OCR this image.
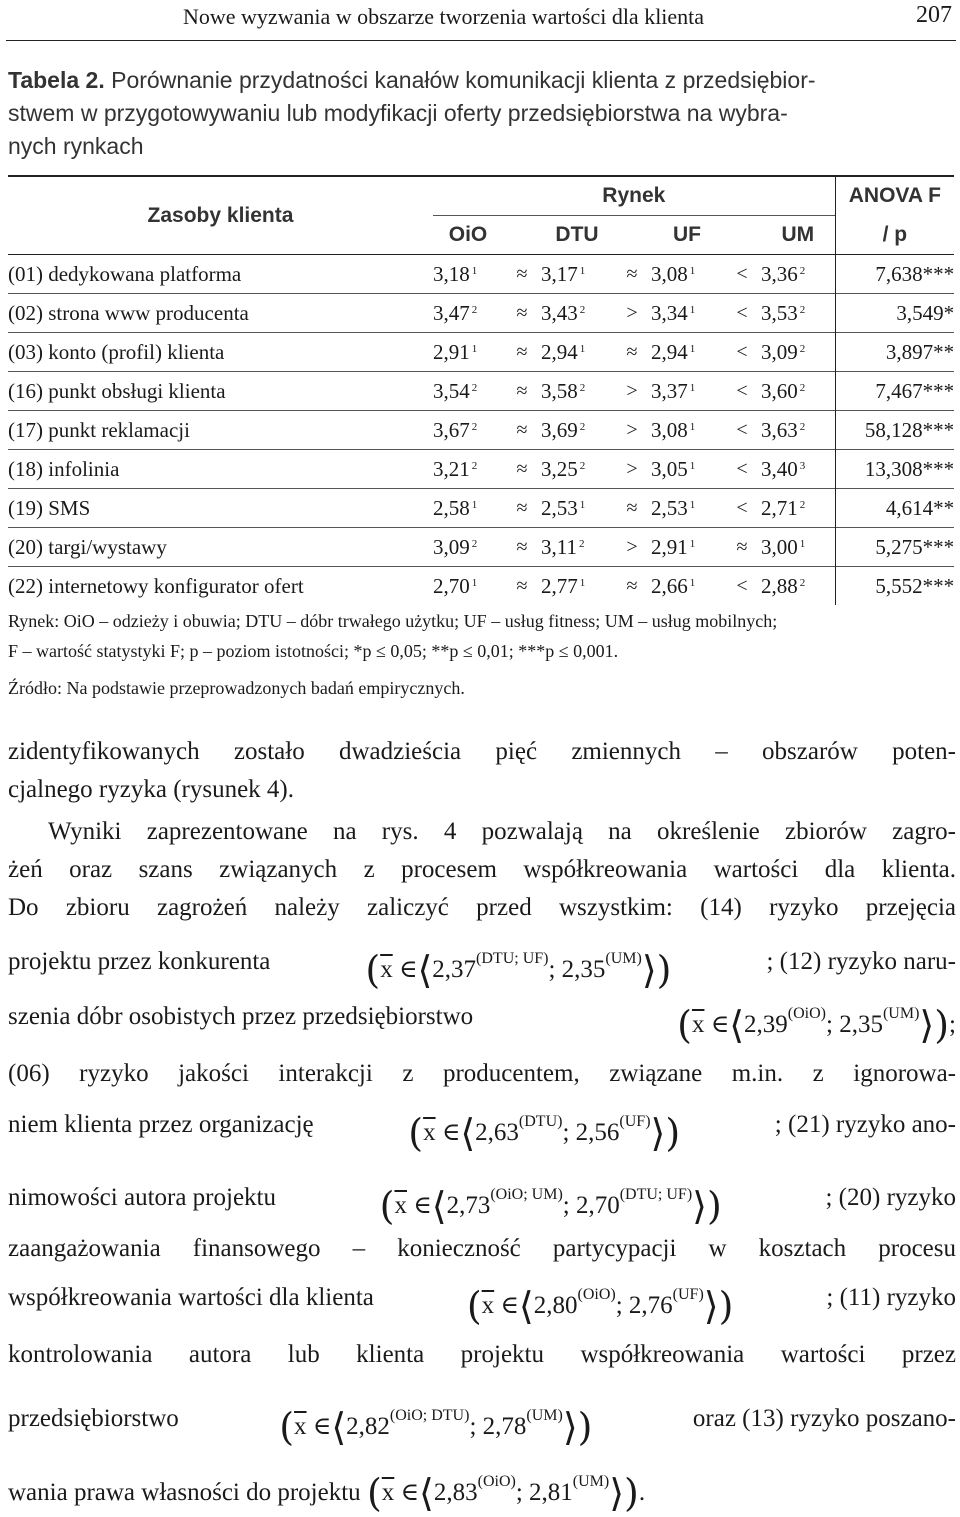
Nowe wyzwania w obszarze tworzenia wartości dla klienta	207
Tabela 2. Porównanie przydatności kanałów komunikacji klienta z przedsiębior-
stwem w przygotowywaniu lub modyfikacji oferty przedsiębiorstwa na wybra-
nych rynkach
Zasoby klienta	Rynek							ANOVA F
	OiO		DTU		UF		UM	/ p
(01) dedykowana platforma	3,18 $^1$	≈	3,17 $^1$	≈	3,08 $^1$	<	3,36 $^2$	7,638***
(02) strona www producenta	3,47 $^2$	≈	3,43 $^2$	>	3,34 $^1$	<	3,53 $^2$	3,549*
(03) konto (profil) klienta	2,91 $^1$	≈	2,94 $^1$	≈	2,94 $^1$	<	3,09 $^2$	3,897**
(16) punkt obsługi klienta	3,54 $^2$	≈	3,58 $^2$	>	3,37 $^1$	<	3,60 $^2$	7,467***
(17) punkt reklamacji	3,67 $^2$	≈	3,69 $^2$	>	3,08 $^1$	<	3,63 $^2$	58,128***
(18) infolinia	3,21 $^2$	≈	3,25 $^2$	>	3,05 $^1$	<	3,40 $^3$	13,308***
(19) SMS	2,58 $^1$	≈	2,53 $^1$	≈	2,53 $^1$	<	2,71 $^2$	4,614**
(20) targi/wystawy	3,09 $^2$	≈	3,11 $^2$	>	2,91 $^1$	≈	3,00 $^1$	5,275***
(22) internetowy konfigurator ofert	2,70 $^1$	≈	2,77 $^1$	≈	2,66 $^1$	<	2,88 $^2$	5,552***
Rynek: OiO – odzieży i obuwia; DTU – dóbr trwałego użytku; UF – usług fitness; UM – usług mobilnych;
F – wartość statystyki F; p – poziom istotności; *p ≤ 0,05; **p ≤ 0,01; ***p ≤ 0,001.
Źródło: Na podstawie przeprowadzonych badań empirycznych.
zidentyfikowanych zostało dwadzieścia pięć zmiennych – obszarów poten-
cjalnego ryzyka (rysunek 4).
Wyniki zaprezentowane na rys. 4 pozwalają na określenie zbiorów zagro-
żeń oraz szans związanych z procesem współkreowania wartości dla klienta.
Do zbioru zagrożeń należy zaliczyć przed wszystkim: (14) ryzyko przejęcia
projektu przez konkurenta ($\overline{x}$ $\in⟨2,37^{(DTU; UF)}$; $2,35^{(UM)}⟩$)	; (12) ryzyko naru-
szenia dóbr osobistych przez przedsiębiorstwo	($\overline{x}$ $\in⟨2,39^{(OiO)}$; $2,35^{(UM)}⟩$);
(06) ryzyko jakości interakcji z producentem, związane m.in. z ignorowa-
niem klienta przez organizację ($\overline{x}$ $\in⟨2,63^{(DTU)}$; $2,56^{(UF)}⟩$)	; (21) ryzyko ano-
nimowości autora projektu	($\overline{x}$ $\in⟨2,73^{(OiO; UM)}$; $2,70^{(DTU; UF)}⟩$)	; (20) ryzyko
zaangażowania finansowego – konieczność partycypacji w kosztach procesu
współkreowania wartości dla klienta ($\overline{x}$ $\in⟨2,80^{(OiO)}$; $2,76^{(UF)}⟩$)	; (11) ryzyko
kontrolowania autora lub klienta projektu współkreowania wartości przez
przedsiębiorstwo	($\overline{x}$ $\in⟨2,82^{(OiO; DTU)}$; $2,78^{(UM)}⟩$)	oraz (13) ryzyko poszano-
wania prawa własności do projektu ($\overline{x}$ $\in⟨2,83^{(OiO)}$; $2,81^{(UM)}⟩$).
